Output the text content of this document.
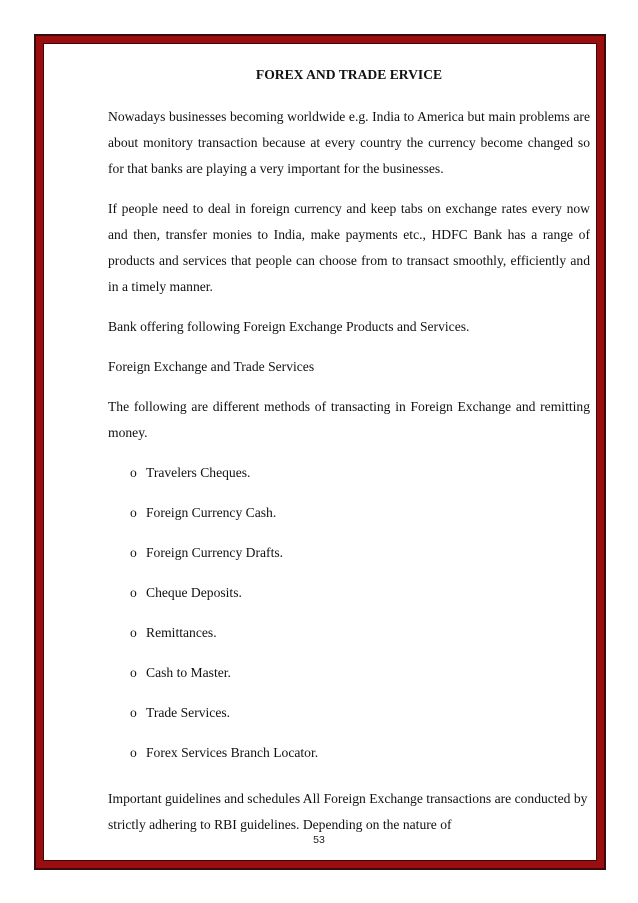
FOREX AND TRADE ERVICE

Nowadays businesses becoming worldwide e.g. India to America but main problems are about monitory transaction because at every country the currency become changed so for that banks are playing a very important for the businesses.

If people need to deal in foreign currency and keep tabs on exchange rates every now and then, transfer monies to India, make payments etc., HDFC Bank has a range of products and services that people can choose from to transact smoothly, efficiently and in a timely manner.

Bank offering following Foreign Exchange Products and Services.

Foreign Exchange and Trade Services

The following are different methods of transacting in Foreign Exchange and remitting money.

o Travelers Cheques.
o Foreign Currency Cash.
o Foreign Currency Drafts.
o Cheque Deposits.
o Remittances.
o Cash to Master.
o Trade Services.
o Forex Services Branch Locator.

Important guidelines and schedules All Foreign Exchange transactions are conducted by strictly adhering to RBI guidelines. Depending on the nature of

53
